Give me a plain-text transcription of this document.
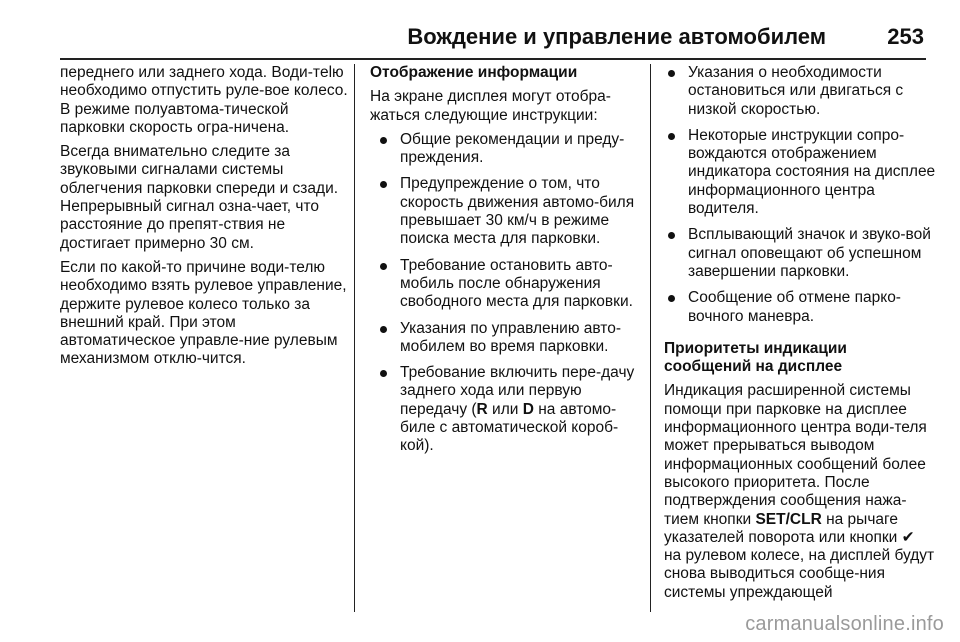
Вождение и управление автомобилем	253

переднего или заднего хода. Води-тelю необходимо отпустить руле-вое колесо. В режиме полуавтома-тической парковки скорость огра-ничена.

Всегда внимательно следите за звуковыми сигналами системы облегчения парковки спереди и сзади. Непрерывный сигнал озна-чает, что расстояние до препят-ствия не достигает примерно 30 см.

Если по какой-то причине води-телю необходимо взять рулевое управление, держите рулевое колесо только за внешний край. При этом автоматическое управле-ние рулевым механизмом отклю-чится.

Отображение информации

На экране дисплея могут отобра-жаться следующие инструкции:

Общие рекомендации и преду-преждения.
Предупреждение о том, что скорость движения автомо-биля превышает 30 км/ч в режиме поиска места для парковки.
Требование остановить авто-мобиль после обнаружения свободного места для парковки.
Указания по управлению авто-мобилем во время парковки.
Требование включить пере-дачу заднего хода или первую передачу (R или D на автомо-биле с автоматической короб-кой).
Указания о необходимости остановиться или двигаться с низкой скоростью.
Некоторые инструкции сопро-вождаются отображением индикатора состояния на дисплее информационного центра водителя.
Всплывающий значок и звуко-вой сигнал оповещают об успешном завершении парковки.
Сообщение об отмене парко-вочного маневра.

Приоритеты индикации сообщений на дисплее

Индикация расширенной системы помощи при парковке на дисплее информационного центра води-теля может прерываться выводом информационных сообщений более высокого приоритета. После подтверждения сообщения нажа-тием кнопки SET/CLR на рычаге указателей поворота или кнопки ✔ на рулевом колесе, на дисплей будут снова выводиться сообще-ния системы упреждающей

carmanualsonline.info
